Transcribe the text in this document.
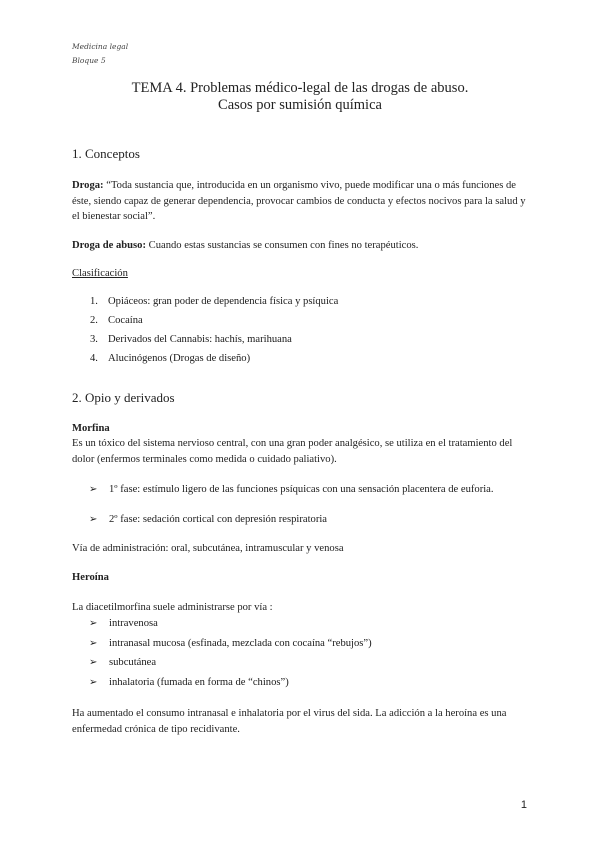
Medicina legal
Bloque 5
TEMA 4. Problemas médico-legal de las drogas de abuso.
Casos por sumisión química
1. Conceptos
Droga: “Toda sustancia que, introducida en un organismo vivo, puede modificar una o más funciones de éste, siendo capaz de generar dependencia, provocar cambios de conducta y efectos nocivos para la salud y el bienestar social”.
Droga de abuso: Cuando estas sustancias se consumen con fines no terapéuticos.
Clasificación
1. Opiáceos: gran poder de dependencia física y psíquica
2. Cocaína
3. Derivados del Cannabis: hachís, marihuana
4. Alucinógenos (Drogas de diseño)
2. Opio y derivados
Morfina
Es un tóxico del sistema nervioso central, con una gran poder analgésico, se utiliza en el tratamiento del dolor (enfermos terminales como medida o cuidado paliativo).
➢ 1º fase: estímulo ligero de las funciones psíquicas con una sensación placentera de euforia.
➢ 2º fase: sedación cortical con depresión respiratoria
Vía de administración: oral, subcutánea, intramuscular y venosa
Heroína
La diacetilmorfina suele administrarse por vía :
➢ intravenosa
➢ intranasal mucosa (esfinada, mezclada con cocaína “rebujos”)
➢ subcutánea
➢ inhalatoria (fumada en forma de “chinos”)
Ha aumentado el consumo intranasal e inhalatoria por el virus del sida. La adicción a la heroína es una enfermedad crónica de tipo recidivante.
1
